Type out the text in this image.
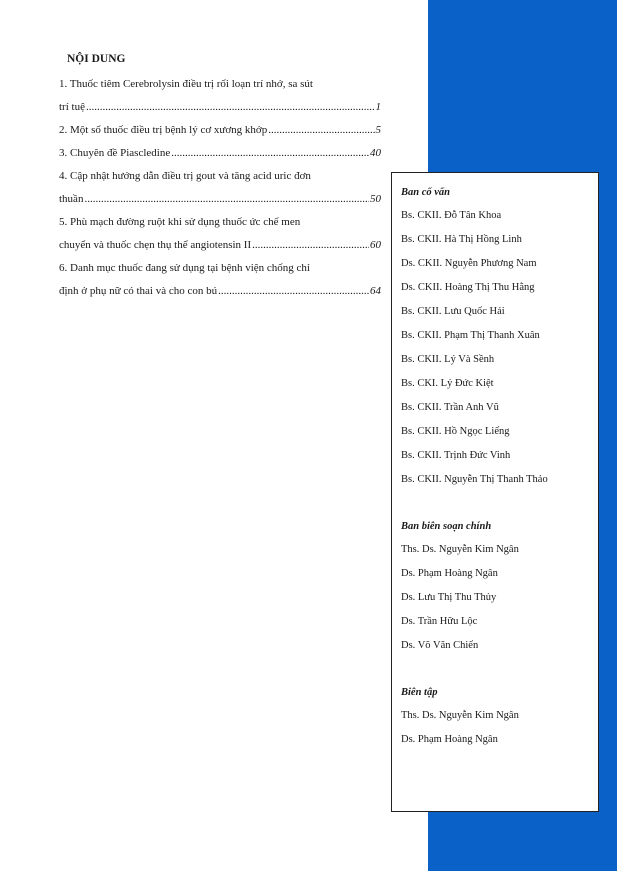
NỘI DUNG
1. Thuốc tiêm Cerebrolysin điều trị rối loạn trí nhớ, sa sút
trí tuệ .....	1
2. Một số thuốc điều trị bệnh lý cơ xương khớp .....	5
3. Chuyên đề Piascledine .....	40
4. Cập nhật hướng dẫn điều trị gout và tăng acid uric đơn
thuần .....	50
5. Phù mạch đường ruột khi sử dụng thuốc ức chế men
chuyển và thuốc chẹn thụ thể angiotensin II .....	60
6. Danh mục thuốc đang sử dụng tại bệnh viện chống chỉ
định ở phụ nữ có thai và cho con bú .....	64
Ban cố vấn
Bs. CKII. Đỗ Tân Khoa
Bs. CKII. Hà Thị Hồng Linh
Ds. CKII. Nguyễn Phương Nam
Ds. CKII. Hoàng Thị Thu Hằng
Bs. CKII. Lưu Quốc Hải
Bs. CKII. Phạm Thị Thanh Xuân
Bs. CKII. Lý Và Sềnh
Bs. CKI. Lý Đức Kiệt
Bs. CKII. Trần Anh Vũ
Bs. CKII. Hồ Ngọc Liếng
Bs. CKII. Trịnh Đức Vinh
Bs. CKII. Nguyễn Thị Thanh Thảo
Ban biên soạn chính
Ths. Ds. Nguyễn Kim Ngân
Ds. Phạm Hoàng Ngân
Ds. Lưu Thị Thu Thủy
Ds. Trần Hữu Lộc
Ds. Võ Văn Chiến
Biên tập
Ths. Ds. Nguyễn Kim Ngân
Ds. Phạm Hoàng Ngân
